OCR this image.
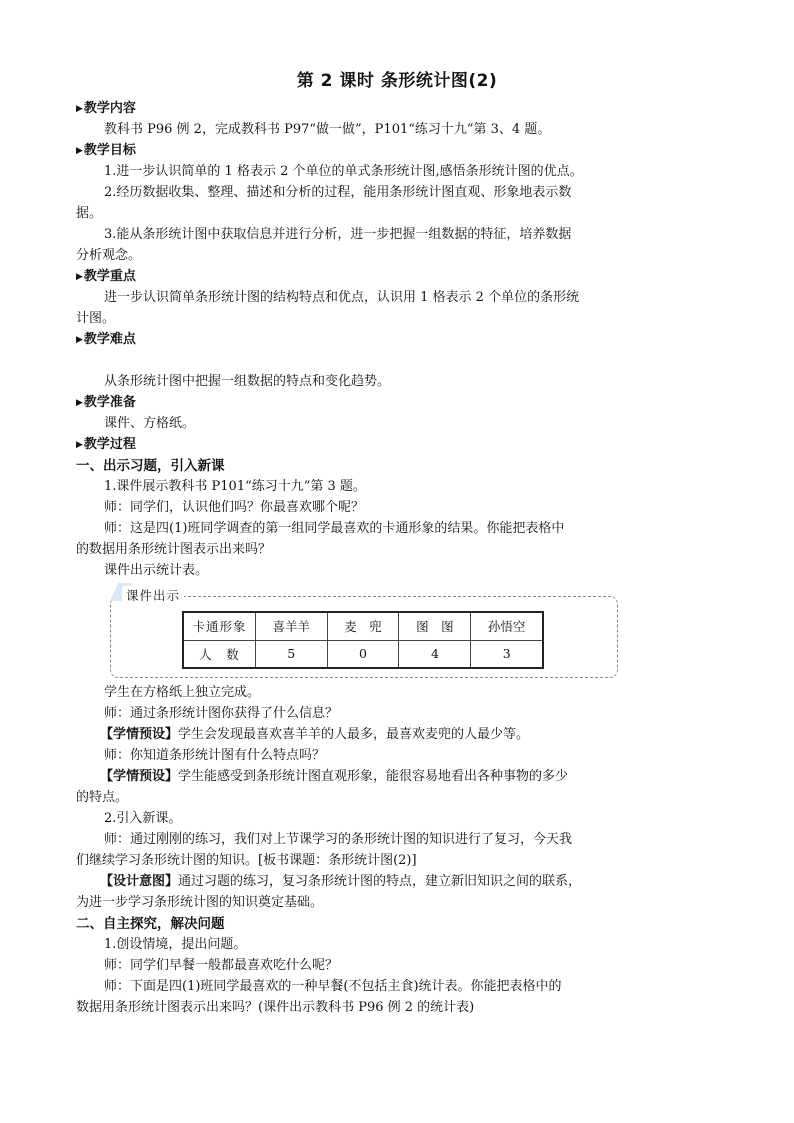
第 2 课时 条形统计图(2)
▶教学内容
教科书 P96 例 2，完成教科书 P97“做一做”，P101“练习十九”第 3、4 题。
▶教学目标
1.进一步认识简单的 1 格表示 2 个单位的单式条形统计图,感悟条形统计图的优点。
2.经历数据收集、整理、描述和分析的过程，能用条形统计图直观、形象地表示数
据。
3.能从条形统计图中获取信息并进行分析，进一步把握一组数据的特征，培养数据
分析观念。
▶教学重点
进一步认识简单条形统计图的结构特点和优点，认识用 1 格表示 2 个单位的条形统
计图。
▶教学难点
从条形统计图中把握一组数据的特点和变化趋势。
▶教学准备
课件、方格纸。
▶教学过程
一、出示习题，引入新课
1.课件展示教科书 P101“练习十九”第 3 题。
师：同学们，认识他们吗？你最喜欢哪个呢？
师：这是四(1)班同学调查的第一组同学最喜欢的卡通形象的结果。你能把表格中
的数据用条形统计图表示出来吗？
课件出示统计表。
课件出示
卡通形象	喜羊羊	麦　兜	图　图	孙悟空
人　数	5	0	4	3
学生在方格纸上独立完成。
师：通过条形统计图你获得了什么信息？
【学情预设】学生会发现最喜欢喜羊羊的人最多，最喜欢麦兜的人最少等。
师：你知道条形统计图有什么特点吗？
【学情预设】学生能感受到条形统计图直观形象，能很容易地看出各种事物的多少
的特点。
2.引入新课。
师：通过刚刚的练习，我们对上节课学习的条形统计图的知识进行了复习，今天我
们继续学习条形统计图的知识。[板书课题：条形统计图(2)]
【设计意图】通过习题的练习，复习条形统计图的特点，建立新旧知识之间的联系，
为进一步学习条形统计图的知识奠定基础。
二、自主探究，解决问题
1.创设情境，提出问题。
师：同学们早餐一般都最喜欢吃什么呢？
师：下面是四(1)班同学最喜欢的一种早餐(不包括主食)统计表。你能把表格中的
数据用条形统计图表示出来吗？(课件出示教科书 P96 例 2 的统计表)
